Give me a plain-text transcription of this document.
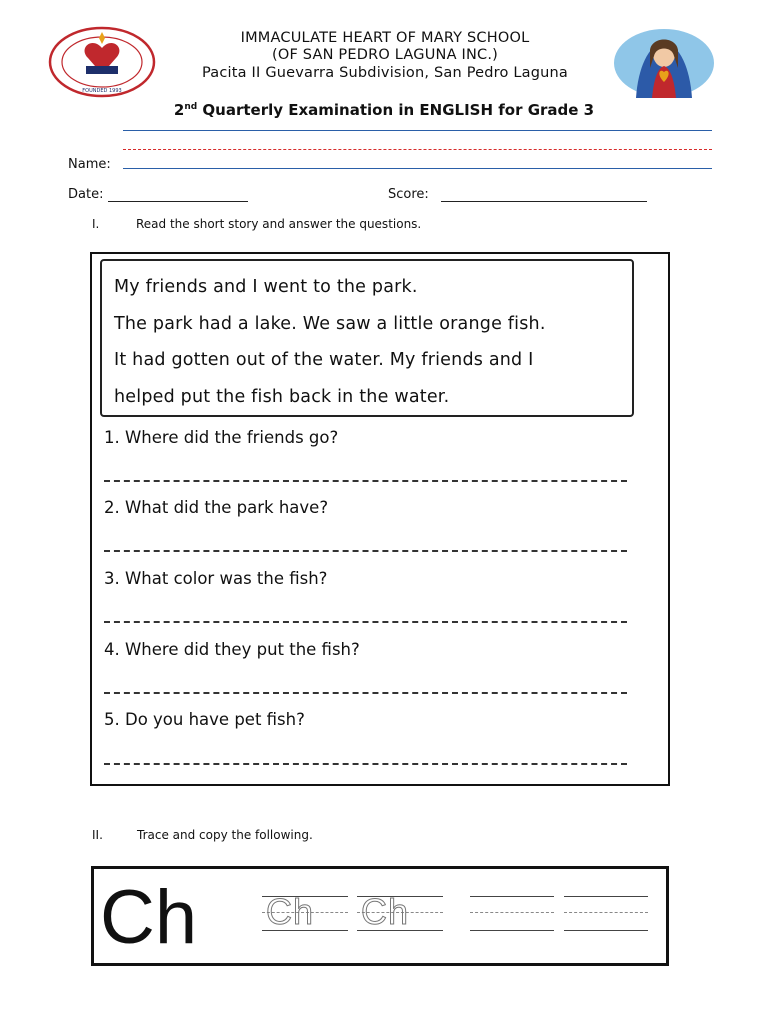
FOUNDED 1993
IMMACULATE HEART OF MARY SCHOOL
(OF SAN PEDRO LAGUNA INC.)
Pacita II Guevarra Subdivision, San Pedro Laguna
2nd Quarterly Examination in ENGLISH for Grade 3
Name:
Date:	Score:
I.	Read the short story and answer the questions.

My friends and I went to the park.

The park had a lake. We saw a little orange fish.

It had gotten out of the water. My friends and I

helped put the fish back in the water.

1. Where did the friends go?
2. What did the park have?
3. What color was the fish?
4. Where did they put the fish?
5. Do you have pet fish?
II.	Trace and copy the following.
Ch Ch Ch
